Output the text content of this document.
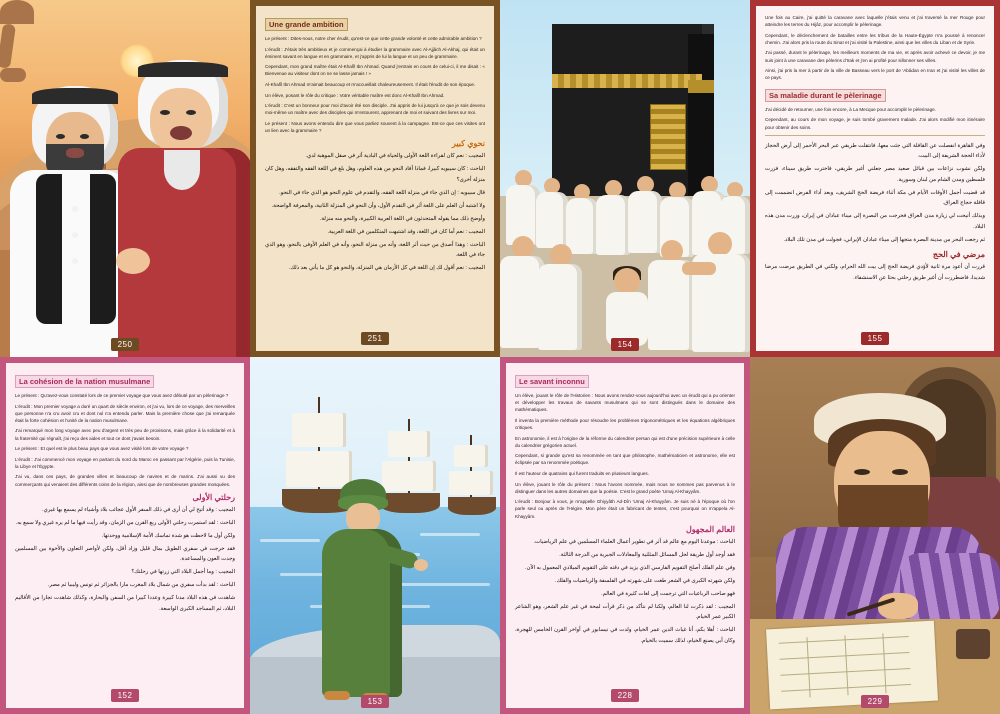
250
Une grande ambition

Le présent : Dites-nous, notre cher érudit, qu'est-ce que cette grande volonté et cette admirable ambition ?

L'érudit : J'étais très ambitieux et je commençai à étudier la grammaire avec Al-Ajjâch Al-Akhaj, qui était un éminent savant en langue et en grammaire, et j'appris de lui la langue et un peu de grammaire.

Cependant, mon grand maître était Al-Khalîl Ibn Ahmad. Quand j'entrais en cours de celui-ci, il me disait : « Bienvenue au visiteur dont on ne se lasse jamais ! »

Al-Khalîl Ibn Ahmad m'aimait beaucoup et m'accueillait chaleureusement. Il était l'érudit de son époque.

Un élève, posant le rôle du critique : Votre véritable maître est donc Al-Khalîl Ibn Ahmad.

L'érudit : C'est un bonneur pour moi d'avoir été son disciple. J'ai appris de lui jusqu'à ce que je sois devenu moi-même un maître avec des disciples qui m'entourent, apprenant de moi et suivant des livres sur moi.

Le présent : Nous avons entendu dire que vous parliez souvent à la campagne. Est-ce que ces visites ont un lien avec la grammaire ?

نحوي كبير

المجيب : نعم كان لقراءة اللغة الأولى والحياة في البادية أثر في صقل الموهبة لدي.

الباحث : كان سيبويه كبيرا، فماذا أفاد النحو من هذه العلوم، وهل بلغ في اللغة الفقه والتفقه، وهل كان منزلة أخرى؟

قال سيبويه : إن الذي جاء في منزلة اللغة الفقه، والتقدم في علوم النحو هو الذي جاء في النحو.

ولا اشتبه أن العلم على اللغة أثر في التقدم الأول، وأن النحو في المنزلة الثانية، والمعرفة الواضحة.

وأوضح ذلك مما يقوله المتحدثون في اللغة العربية الكبيرة، والنحو منه منزلة.

المجيب : نعم أما كان في اللغة، وقد اشتبهت المتكلمين في اللغة العربية.

الباحث : وهذا أصدق من حيث أثر اللغة، وأنه من منزلة النحو، وأنه في العلم الأوفى بالنحو، وهو الذي جاء في اللغة.

المجيب : نعم أقول لك إن اللغة في كل الأزمان هي المنزلة، والنحو هو كل ما يأتي بعد ذلك.

251
154

Une fois au Caire, j'ai quitté la caravane avec laquelle j'étais venu et j'ai traversé la mer Rouge pour atteindre les terres du Hijâz, pour accomplir le pèlerinage.

Cependant, le déclenchement de batailles entre les tribus de la Haute-Égypte m'a poussé à renoncer chemin. J'ai alors pris la route du Sinaï et j'ai visité la Palestine, ainsi que les villes du Liban et de Syrie.

J'ai passé, durant le pèlerinage, les meilleurs moments de ma vie, et après avoir achevé ce devoir, je me suis joint à une caravane des pèlerins d'Irak et j'en ai profité pour sillonner ses villes.

Ainsi, j'ai pris la mer à partir de la ville de Basseau vers le port de 'Abâdan en Iran et j'ai visité les villes de ce pays.

Sa maladie durant le pèlerinage

J'ai décidé de retourner, une fois encore, à La Mecque pour accomplir le pèlerinage.

Cependant, au cours de mon voyage, je suis tombé gravement malade. J'ai alors modifié mon itinéraire pour obtenir des soins.

وفي القاهرة انفصلت عن القافلة التي جئت معها، فانتقلت طريقي عبر البحر الأحمر إلى أرض الحجاز لأداء الحجة الشريفة إلى البيت.

ولكن نشوب نزاعات بين قبائل صعيد مصر جعلني أغير طريقي، فاخترت طريق سيناء، فزرت فلسطين ومدن الشام من لبنان وسورية.

قد قضيت أجمل الأوقات الأيام في مكة أثناء فريضة الحج الشريف، وبعد أداء الفرض انضممت إلى قافلة حجاج العراق.

وبذلك أتيحت لي زيارة مدن العراق فخرجت من البصرة إلى ميناء عبادان في إيران، وزرت مدن هذه البلاد.

ثم رجعت البحر من مدينة البصرة متجها إلى ميناء عبادان الإيراني، فجولت في مدن تلك البلاد.

مرضي في الحج

قررت أن أعود مرة ثانية لأؤدي فريضة الحج إلى بيت الله الحرام، ولكني في الطريق مرضت مرضا شديدا، فاضطررت أن أغير طريق رحلتي بحثا عن الاستشفاء.

155
La cohésion de la nation musulmane

Le présent : Qu'avez-vous constaté lors de ce premier voyage que vous avez débuté par un pèlerinage ?

L'érudit : Mon premier voyage a duré un quart de siècle environ, et j'ai vu, lors de ce voyage, des merveilles que personne n'a cru avoir cru et dont nul n'a entendu parler. Mais la première chose que j'ai remarquée était la forte cohésion et l'unité de la nation musulmane.

J'ai remarqué mon long voyage avec peu d'argent et très peu de provisions, mais grâce à la solidarité et à la fraternité qui régnaît, j'ai reçu des aides et tout ce dont j'avais besoin.

Le présent : Et quel est le plus beau pays que vous avez visité lors de votre voyage ?

L'érudit : J'ai commencé mon voyage en partant du nord du Maroc en passant par l'Algérie, puis la Tunisie, la Libye et l'Égypte.

J'ai vu, dans ces pays, de grandes villes et beaucoup de navires et de marins. J'ai aussi vu des commerçants qui venaient des différents coins de la région, ainsi que de nombreuses grandes mosquées.

رحلتي الأولى

المجيب : وقد أتيح لي أن أرى في ذلك السفر الأول عجائب بلاد وأشياء لم يسمع بها غيري.

الباحث : لقد استمرت رحلتي الأولى ربع القرن من الزمان، وقد رأيت فيها ما لم يره غيري ولا سمع به.

ولكن أول ما لاحظت هو شدة تماسك الأمة الإسلامية ووحدتها.

فقد خرجت في سفري الطويل بمال قليل وزاد أقل، ولكن لأواصر التعاون والأخوة بين المسلمين وجدت العون والمساعدة.

المجيب : وما أجمل البلاد التي زرتها في رحلتك؟

الباحث : لقد بدأت سفري من شمال بلاد المغرب مارا بالجزائر ثم تونس وليبيا ثم مصر.

شاهدت في هذه البلاد مدنا كبيرة وعددا كبيرا من السفن والبحارة، وكذلك شاهدت تجارا من الأقاليم البلاد، ثم المساجد الكبرى الواسعة.

152
153
Le savant inconnu

Un élève, jouant le rôle de l'Historien : Nous avons rendez-vous aujourd'hui avec un érudit qui a pu orienter et développer les travaux de savants musulmans qui se sont distingués dans le domaine des mathématiques.

Il inventa la première méthode pour résoudre les problèmes trigonométriques et les équations algébriques critiques.

En astronomie, il est à l'origine de la réforme du calendrier persan qui est d'une précision supérieure à celle du calendrier grégorien actuel.

Cependant, si grande qu'est sa renommée en tant que philosophe, mathématicien et astronome, elle est éclipsée par sa renommée poétique.

Il est l'auteur de quatrains qui furent traduits en plusieurs langues.

Un élève, jouant le rôle du présent : Nous l'avons nommée, mais nous ne sommes pas parvenus à le distinguer dans les autres domaines que la poésie. C'est le grand poète 'Umaj Al-Khayyâm.

L'érudit : Bonjour à vous, je m'appelle Ghiyyâth Ad-Dîn 'Umaj Al-Khayyâm. Je suis né à l'époque où l'on parle seul ou après de l'Hégire. Mon père était un fabricant de tentes, c'est pourquoi on m'appela Al-Khayyâm.

العالم المجهول

الباحث : موعدنا اليوم مع عالم قد أثر في تطوير أعمال العلماء المسلمين في علم الرياضيات.

فقد أوجد أول طريقة لحل المسائل المثلثية والمعادلات الجبرية من الدرجة الثالثة.

وفي علم الفلك أصلح التقويم الفارسي الذي يزيد في دقته على التقويم الميلادي المعمول به الآن.

ولكن شهرته الكبرى في الشعر طغت على شهرته في الفلسفة والرياضيات والفلك.

فهو صاحب الرباعيات التي ترجمت إلى لغات كثيرة في العالم.

المجيب : لقد ذكرت لنا العالم، ولكنا لم نتأكد من ذكر قرأت لمحة في غير علم الشعر، وهو الشاعر الكبير عمر الخيام.

الباحث : أهلا بكم، أنا غياث الدين عمر الخيام، ولدت في نيسابور في أواخر القرن الخامس للهجرة، وكان أبي يصنع الخيام، لذلك سميت بالخيام.

228
229
